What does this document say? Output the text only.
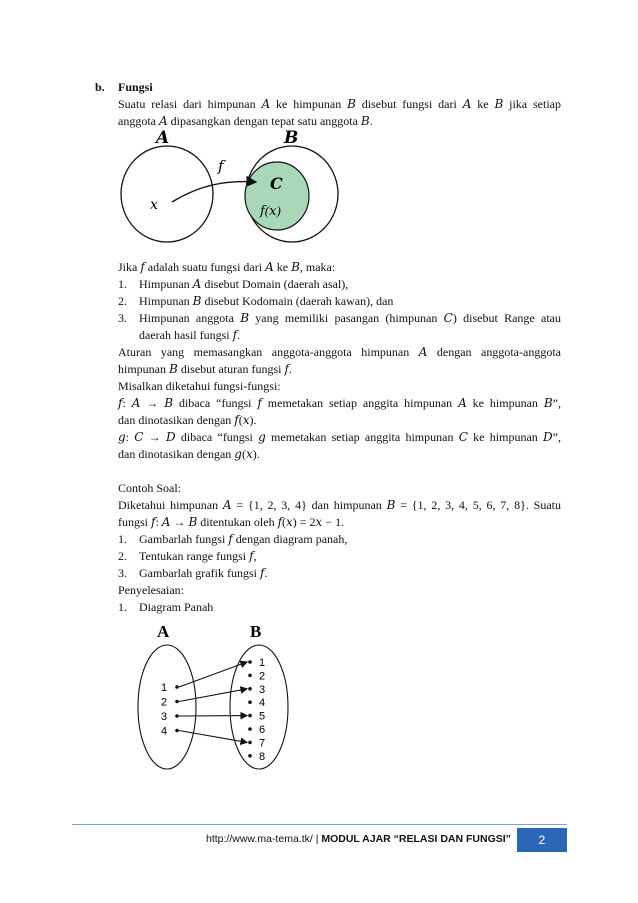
b. Fungsi
Suatu relasi dari himpunan 𝐴 ke himpunan 𝐵 disebut fungsi dari 𝐴 ke 𝐵 jika setiap
anggota 𝐴 dipasangkan dengan tepat satu anggota 𝐵.
𝑨	𝑩
𝑓
𝑥
𝑪
𝑓(𝑥)
Jika 𝑓 adalah suatu fungsi dari 𝐴 ke 𝐵, maka:
1. Himpunan 𝐴 disebut Domain (daerah asal),
2. Himpunan 𝐵 disebut Kodomain (daerah kawan), dan
3. Himpunan anggota 𝐵 yang memiliki pasangan (himpunan 𝐶) disebut Range atau
daerah hasil fungsi 𝑓.
Aturan yang memasangkan anggota-anggota himpunan 𝐴 dengan anggota-anggota
himpunan 𝐵 disebut aturan fungsi 𝑓.
Misalkan diketahui fungsi-fungsi:
𝑓: 𝐴 → 𝐵 dibaca “fungsi 𝑓 memetakan setiap anggita himpunan 𝐴 ke himpunan 𝐵”,
dan dinotasikan dengan 𝑓(𝑥).
𝑔: 𝐶 → 𝐷 dibaca “fungsi 𝑔 memetakan setiap anggita himpunan 𝐶 ke himpunan 𝐷”,
dan dinotasikan dengan 𝑔(𝑥).
Contoh Soal:
Diketahui himpunan 𝐴 = {1, 2, 3, 4} dan himpunan 𝐵 = {1, 2, 3, 4, 5, 6, 7, 8}. Suatu
fungsi 𝑓: 𝐴 → 𝐵 ditentukan oleh 𝑓(𝑥) = 2𝑥 − 1.
1. Gambarlah fungsi 𝑓 dengan diagram panah,
2. Tentukan range fungsi 𝑓,
3. Gambarlah grafik fungsi 𝑓.
Penyelesaian:
1. Diagram Panah
A	B
1
2
3
4
1
2
3
4
5
6
7
8
http://www.ma-tema.tk/ | MODUL AJAR “RELASI DAN FUNGSI”	2
